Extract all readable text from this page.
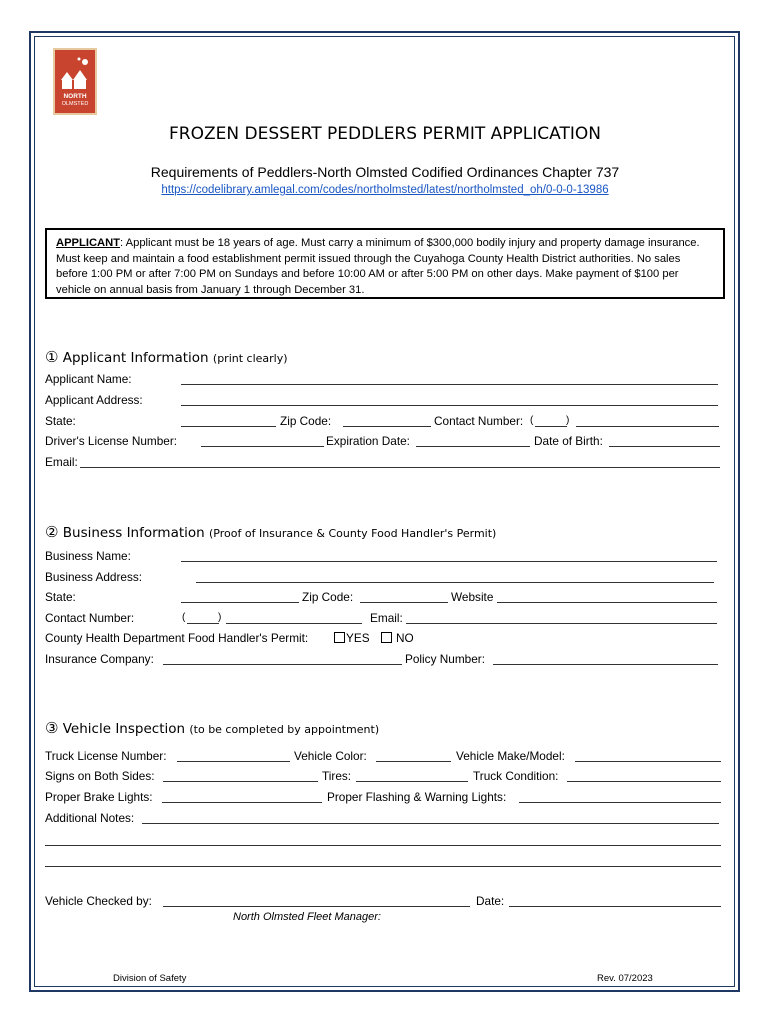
NORTH
OLMSTED
FROZEN DESSERT PEDDLERS PERMIT APPLICATION
Requirements of Peddlers-North Olmsted Codified Ordinances Chapter 737
https://codelibrary.amlegal.com/codes/northolmsted/latest/northolmsted_oh/0-0-0-13986
APPLICANT: Applicant must be 18 years of age. Must carry a minimum of $300,000 bodily injury and property damage insurance. Must keep and maintain a food establishment permit issued through the Cuyahoga County Health District authorities. No sales before 1:00 PM or after 7:00 PM on Sundays and before 10:00 AM or after 5:00 PM on other days. Make payment of $100 per vehicle on annual basis from January 1 through December 31.
① Applicant Information (print clearly)
Applicant Name:
Applicant Address:
State:	Zip Code:	Contact Number: (	)
Driver's License Number:	Expiration Date:	Date of Birth:
Email:
② Business Information (Proof of Insurance & County Food Handler's Permit)
Business Name:
Business Address:
State:	Zip Code:	Website
Contact Number:	(	)	Email:
County Health Department Food Handler's Permit:	YES NO
Insurance Company:	Policy Number:
③ Vehicle Inspection (to be completed by appointment)
Truck License Number:	Vehicle Color:	Vehicle Make/Model:
Signs on Both Sides:	Tires:	Truck Condition:
Proper Brake Lights:	Proper Flashing & Warning Lights:
Additional Notes:
Vehicle Checked by:	Date:
North Olmsted Fleet Manager:
Division of Safety	Rev. 07/2023
